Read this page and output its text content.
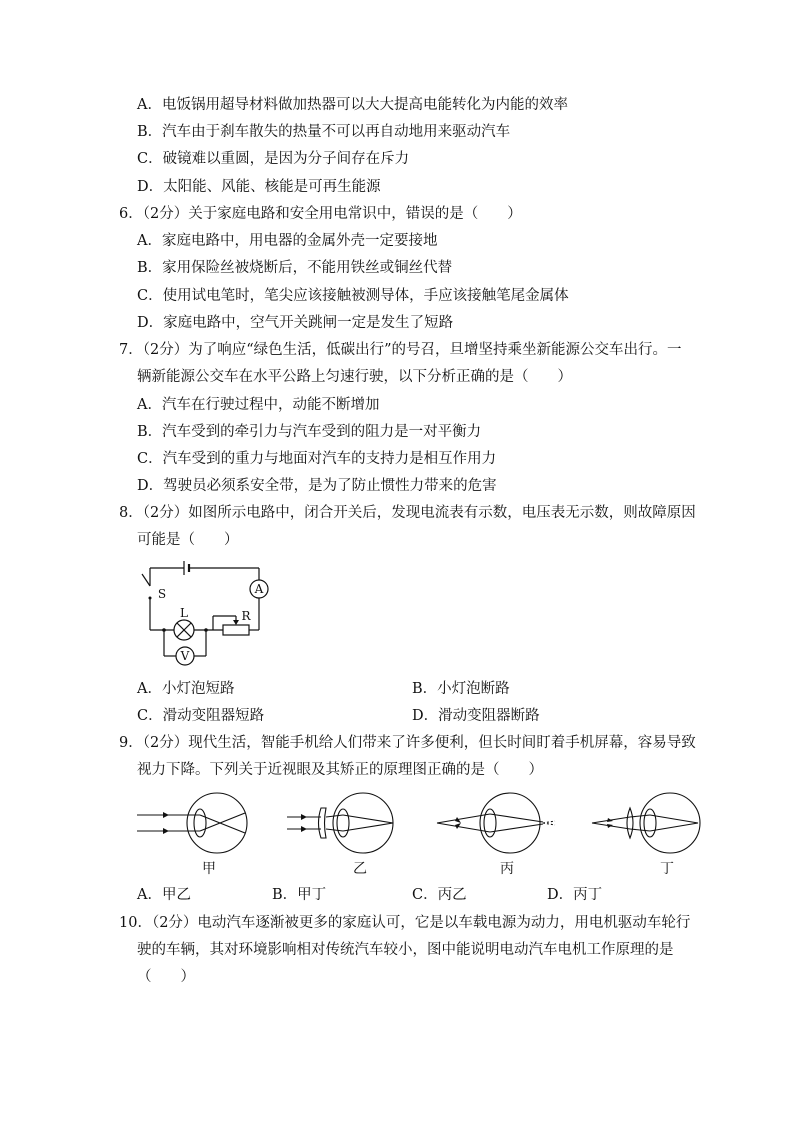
A．电饭锅用超导材料做加热器可以大大提高电能转化为内能的效率
B．汽车由于刹车散失的热量不可以再自动地用来驱动汽车
C．破镜难以重圆，是因为分子间存在斥力
D．太阳能、风能、核能是可再生能源
6．（2分）关于家庭电路和安全用电常识中，错误的是（　　）
A．家庭电路中，用电器的金属外壳一定要接地
B．家用保险丝被烧断后，不能用铁丝或铜丝代替
C．使用试电笔时，笔尖应该接触被测导体，手应该接触笔尾金属体
D．家庭电路中，空气开关跳闸一定是发生了短路
7．（2分）为了响应“绿色生活，低碳出行”的号召，旦增坚持乘坐新能源公交车出行。一
辆新能源公交车在水平公路上匀速行驶，以下分析正确的是（　　）
A．汽车在行驶过程中，动能不断增加
B．汽车受到的牵引力与汽车受到的阻力是一对平衡力
C．汽车受到的重力与地面对汽车的支持力是相互作用力
D．驾驶员必须系安全带，是为了防止惯性力带来的危害
8．（2分）如图所示电路中，闭合开关后，发现电流表有示数，电压表无示数，则故障原因
可能是（　　）
A
S
L	R
V
A．小灯泡短路	B．小灯泡断路
C．滑动变阻器短路	D．滑动变阻器断路
9．（2分）现代生活，智能手机给人们带来了许多便利，但长时间盯着手机屏幕，容易导致
视力下降。下列关于近视眼及其矫正的原理图正确的是（　　）
甲	乙	丙	丁
A．甲乙	B．甲丁	C．丙乙	D．丙丁
10．（2分）电动汽车逐渐被更多的家庭认可，它是以车载电源为动力，用电机驱动车轮行
驶的车辆，其对环境影响相对传统汽车较小，图中能说明电动汽车电机工作原理的是
（　　）
